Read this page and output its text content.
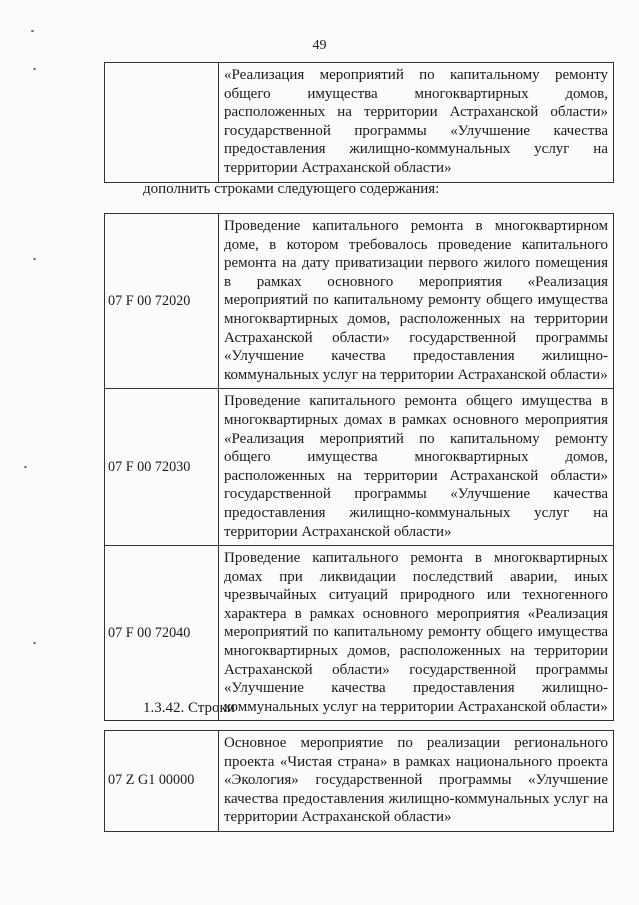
49
	«Реализация мероприятий по капитальному ремонту общего имущества многоквартирных домов, расположенных на территории Астраханской области» государственной программы «Улучшение качества предоставления жилищно-коммунальных услуг на территории Астраханской области»
дополнить строками следующего содержания:
07 F 00 72020	Проведение капитального ремонта в многоквартирном доме, в котором требовалось проведение капитального ремонта на дату приватизации первого жилого помещения в рамках основного мероприятия «Реализация мероприятий по капитальному ремонту общего имущества многоквартирных домов, расположенных на территории Астраханской области» государственной программы «Улучшение качества предоставления жилищно-коммунальных услуг на территории Астраханской области»
07 F 00 72030	Проведение капитального ремонта общего имущества в многоквартирных домах в рамках основного мероприятия «Реализация мероприятий по капитальному ремонту общего имущества многоквартирных домов, расположенных на территории Астраханской области» государственной программы «Улучшение качества предоставления жилищно-коммунальных услуг на территории Астраханской области»
07 F 00 72040	Проведение капитального ремонта в многоквартирных домах при ликвидации последствий аварии, иных чрезвычайных ситуаций природного или техногенного характера в рамках основного мероприятия «Реализация мероприятий по капитальному ремонту общего имущества многоквартирных домов, расположенных на территории Астраханской области» государственной программы «Улучшение качества предоставления жилищно-коммунальных услуг на территории Астраханской области»
1.3.42. Строки
07 Z G1 00000	Основное мероприятие по реализации регионального проекта «Чистая страна» в рамках национального проекта «Экология» государственной программы «Улучшение качества предоставления жилищно-коммунальных услуг на территории Астраханской области»
